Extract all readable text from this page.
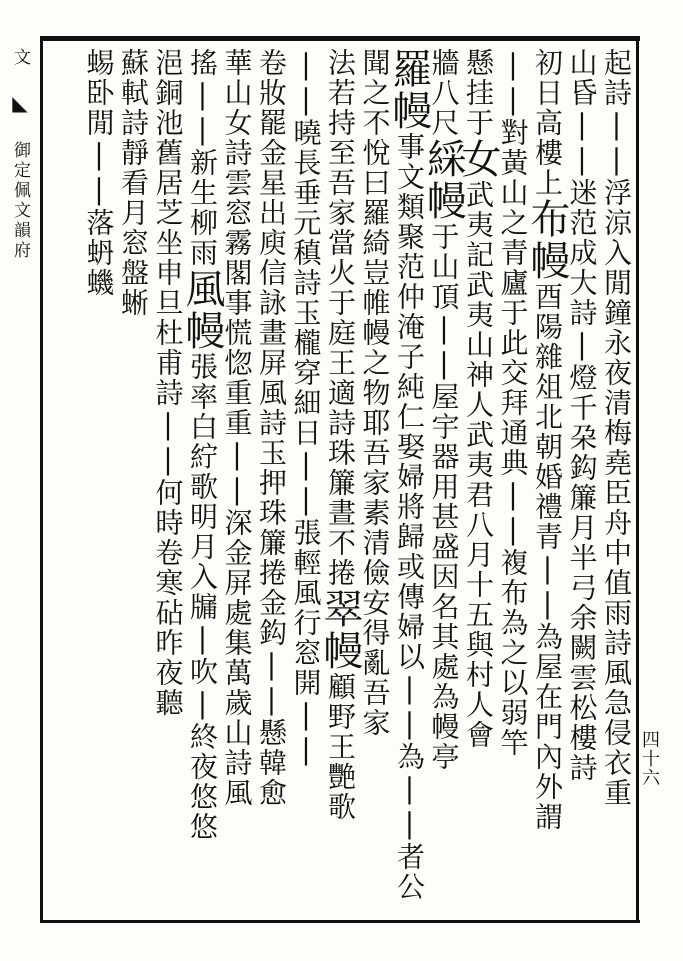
起詩||浮涼入閒鐘永夜清梅堯臣舟中值雨詩風急侵衣重
山昏||迷范成大詩|燈千朶鈎簾月半弓余闕雲松樓詩
初日高樓上布幔酉陽雜俎北朝婚禮青||為屋在門內外謂
||對黃山之青廬于此交拜通典||複布為之以弱竿
懸挂于女武夷記武夷山神人武夷君八月十五與村人會
牆八尺綵幔于山頂||屋宇器用甚盛因名其處為幔亭
羅幔事文類聚范仲淹子純仁娶婦將歸或傳婦以||為||者公
聞之不悅曰羅綺豈帷幔之物耶吾家素清儉安得亂吾家
法若持至吾家當火于庭王適詩珠簾晝不捲翠幔顧野王艷歌
||曉長垂元稹詩玉櫳穿細日||張輕風行窓開||
卷妝罷金星出庾信詠畫屏風詩玉押珠簾捲金鈎||懸韓愈
華山女詩雲窓霧閣事慌惚重重||深金屏處集萬歲山詩風
搖||新生柳雨風幔張率白紵歌明月入牖|吹|終夜悠悠
浥銅池舊居芝坐申旦杜甫詩||何時卷寒砧昨夜聽
蘇軾詩靜看月窓盤蜥
蜴卧閒||落蚒蟣
文 ◣ 御定佩文韻府
四十六
